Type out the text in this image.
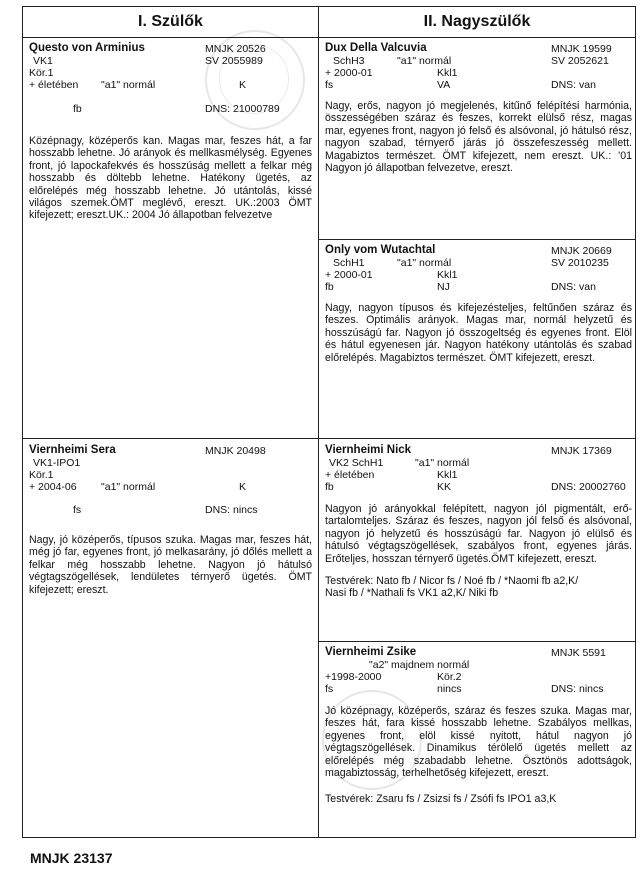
I. Szülők	II. Nagyszülők
Questo von Arminius	MNJK 20526
VK1	SV 2055989
Kör.1
+ életében "a1" normál	K
fb	DNS: 21000789
Középnagy, középerős kan. Magas mar, feszes hát, a far hosszabb lehetne. Jó arányok és mellkasmélység. Egyenes front, jó lapockafekvés és hosszúság mellett a felkar még hosszabb és döltebb lehetne. Hatékony ügetés, az előrelépés még hosszabb lehetne. Jó utántolás, kissé világos szemek.ÖMT meglévő, ereszt. UK.:2003 ÖMT kifejezett; ereszt.UK.: 2004 Jó állapotban felvezetve
Viernheimi Sera	MNJK 20498
VK1-IPO1
Kör.1
+ 2004-06 "a1" normál	K
fs	DNS: nincs
Nagy, jó középerős, típusos szuka. Magas mar, feszes hát, még jó far, egyenes front, jó melkasarány, jó dőlés mellett a felkar még hosszabb lehetne. Nagyon jó hátulsó végtagszögellések, lendületes térnyerő ügetés. ÖMT kifejezett; ereszt.
Dux Della Valcuvia	MNJK 19599
SchH3	"a1" normál	SV 2052621
+ 2000-01	Kkl1
fs	VA	DNS: van
Nagy, erős, nagyon jó megjelenés, kitűnő felépítési harmónia, összességében száraz és feszes, korrekt elülső rész, magas mar, egyenes front, nagyon jó felső és alsóvonal, jó hátulsó rész, nagyon szabad, térnyerő járás jó összefeszesség mellett. Magabiztos természet. ÖMT kifejezett, nem ereszt. UK.: '01 Nagyon jó állapotban felvezetve, ereszt.
Only vom Wutachtal	MNJK 20669
SchH1	"a1" normál	SV 2010235
+ 2000-01	Kkl1
fb	NJ	DNS: van
Nagy, nagyon típusos és kifejezésteljes, feltűnően száraz és feszes. Optimális arányok. Magas mar, normál helyzetű és hosszúságú far. Nagyon jó összogeltség és egyenes front. Elöl és hátul egyenesen jár. Nagyon hatékony utántolás és szabad előrelépés. Magabiztos természet. ÖMT kifejezett, ereszt.
Viernheimi Nick	MNJK 17369
VK2 SchH1	"a1" normál
+ életében	Kkl1
fb	KK	DNS: 20002760
Nagyon jó arányokkal felépített, nagyon jól pigmentált, erő-tartalomteljes. Száraz és feszes, nagyon jól felső és alsóvonal, nagyon jó helyzetű és hosszúságú far. Nagyon jó elülső és hátulsó végtagszögellések, szabályos front, egyenes járás. Erőteljes, hosszan térnyerő ügetés.ÖMT kifejezett, ereszt.
Testvérek: Nato fb / Nicor fs / Noé fb / *Naomi fb a2,K/
Nasi fb / *Nathali fs VK1 a2,K/ Niki fb
Viernheimi Zsike	MNJK 5591
"a2" majdnem normál
+1998-2000	Kör.2
fs	nincs	DNS: nincs
Jó középnagy, középerős, száraz és feszes szuka. Magas mar, feszes hát, fara kissé hosszabb lehetne. Szabályos mellkas, egyenes front, elöl kissé nyitott, hátul nagyon jó végtagszögellések. Dinamikus térölelő ügetés mellett az előrelépés még szabadabb lehetne. Ösztönös adottságok, magabiztosság, terhelhetőség kifejezett, ereszt.
Testvérek: Zsaru fs / Zsizsi fs / Zsófi fs IPO1 a3,K
MNJK 23137
